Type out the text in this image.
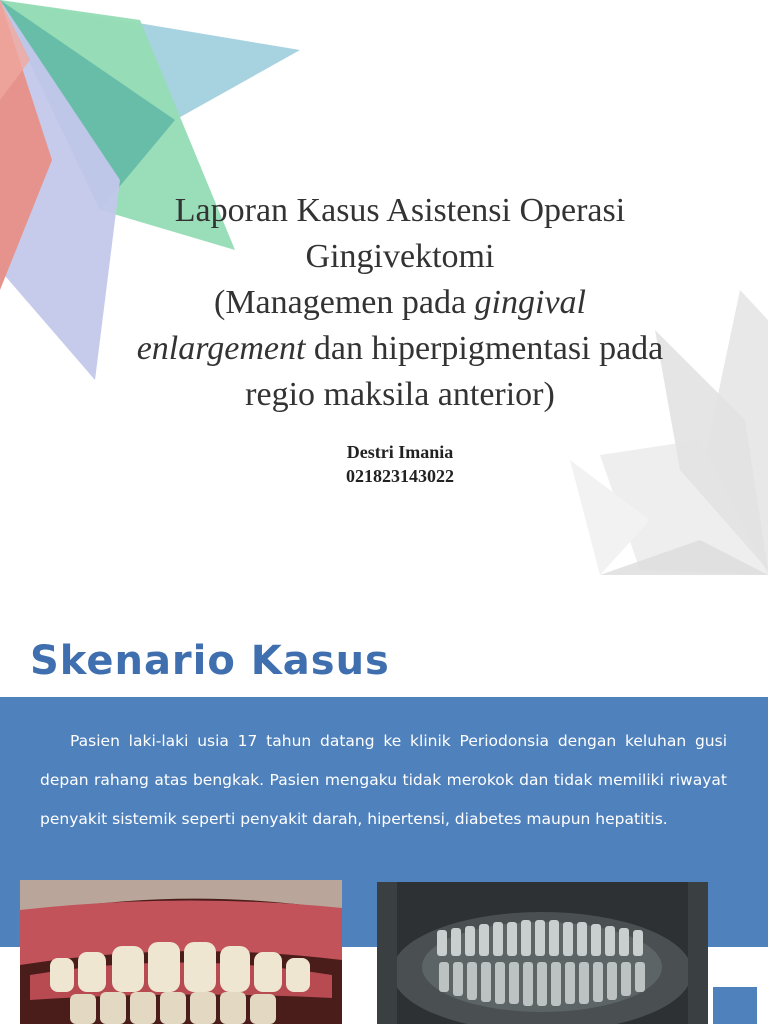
Laporan Kasus Asistensi Operasi
Gingivektomi
(Managemen pada gingival
enlargement dan hiperpigmentasi pada
regio maksila anterior)
Destri Imania
021823143022
Skenario Kasus
Pasien laki-laki usia 17 tahun datang ke klinik Periodonsia dengan keluhan gusi depan rahang atas bengkak. Pasien mengaku tidak merokok dan tidak memiliki riwayat penyakit sistemik seperti penyakit darah, hipertensi, diabetes maupun hepatitis.
